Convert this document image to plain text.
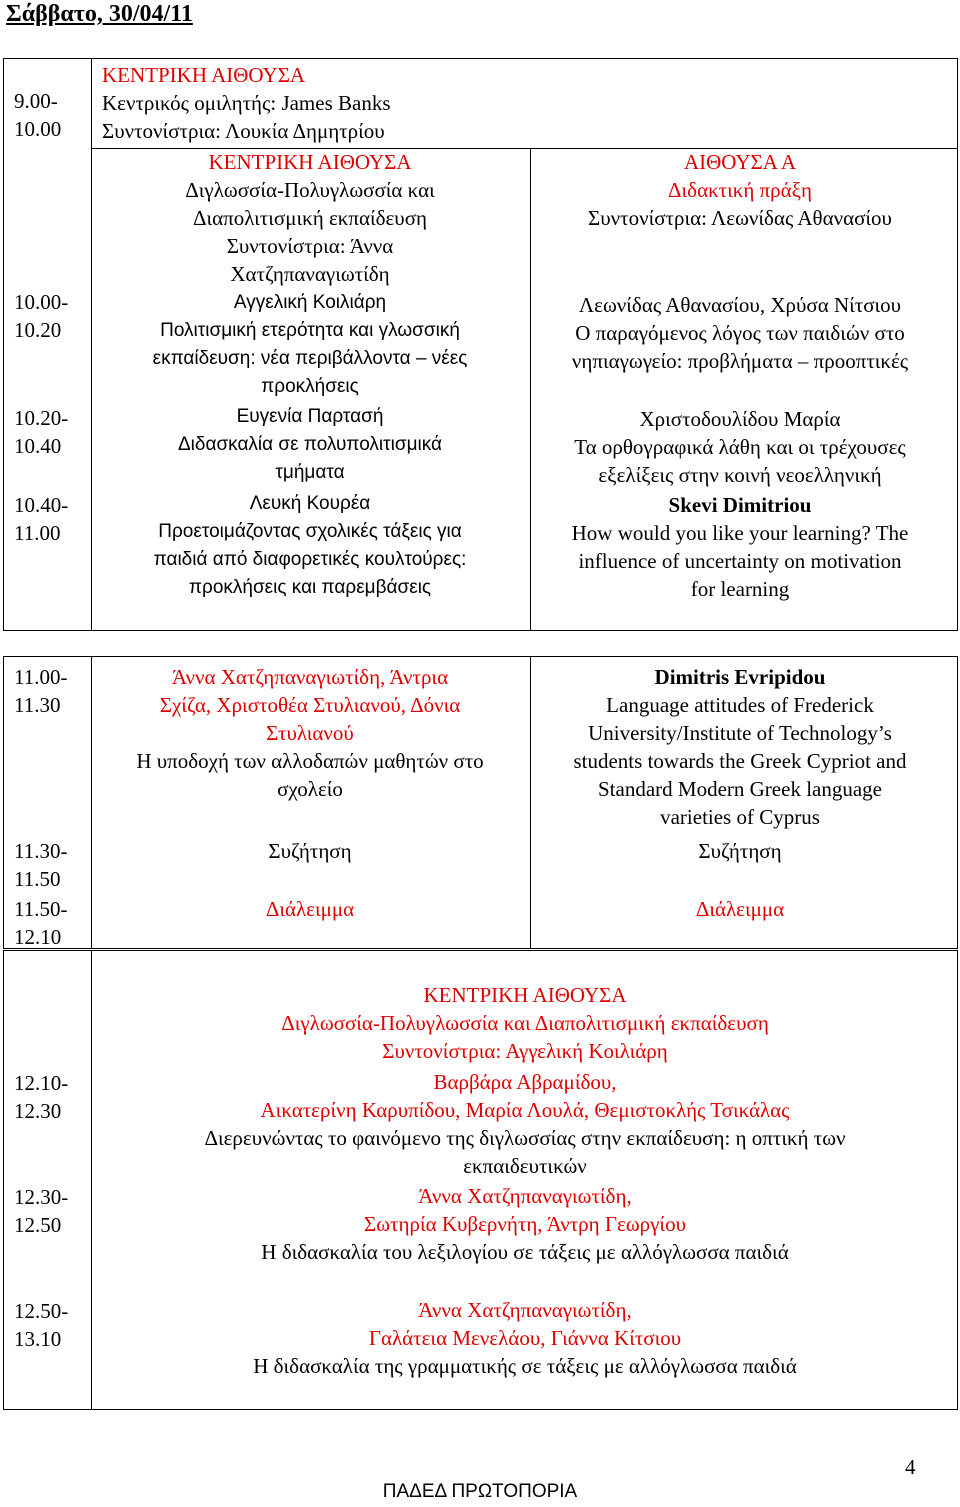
Σάββατο, 30/04/11
9.00-
10.00
10.00-
10.20
10.20-
10.40
10.40-
11.00
ΚΕΝΤΡΙΚΗ ΑΙΘΟΥΣΑ
Κεντρικός ομιλητής: James Banks
Συντονίστρια: Λουκία Δημητρίου
ΚΕΝΤΡΙΚΗ ΑΙΘΟΥΣΑ
Διγλωσσία-Πολυγλωσσία και
Διαπολιτισμική εκπαίδευση
Συντονίστρια: Άννα
Χατζηπαναγιωτίδη
Αγγελική Κοιλιάρη
Πολιτισμική ετερότητα και γλωσσική
εκπαίδευση: νέα περιβάλλοντα – νέες
προκλήσεις
Ευγενία Παρτασή
Διδασκαλία σε πολυπολιτισμικά
τμήματα
Λευκή Κουρέα
Προετοιμάζοντας σχολικές τάξεις για
παιδιά από διαφορετικές κουλτούρες:
προκλήσεις και παρεμβάσεις
ΑΙΘΟΥΣΑ Α
Διδακτική πράξη
Συντονίστρια: Λεωνίδας Αθανασίου
Λεωνίδας Αθανασίου, Χρύσα Νίτσιου
Ο παραγόμενος λόγος των παιδιών στο
νηπιαγωγείο: προβλήματα – προοπτικές
Χριστοδουλίδου Μαρία
Τα ορθογραφικά λάθη και οι τρέχουσες
εξελίξεις στην κοινή νεοελληνική
Skevi Dimitriou
How would you like your learning? The
influence of uncertainty on motivation
for learning
11.00-
11.30
11.30-
11.50
11.50-
12.10
Άννα Χατζηπαναγιωτίδη, Άντρια
Σχίζα, Χριστοθέα Στυλιανού, Δόνια
Στυλιανού
Η υποδοχή των αλλοδαπών μαθητών στο
σχολείο
Dimitris Evripidou
Language attitudes of Frederick
University/Institute of Technology’s
students towards the Greek Cypriot and
Standard Modern Greek language
varieties of Cyprus
Συζήτηση	Συζήτηση
Διάλειμμα	Διάλειμμα
12.10-
12.30
12.30-
12.50
12.50-
13.10
ΚΕΝΤΡΙΚΗ ΑΙΘΟΥΣΑ
Διγλωσσία-Πολυγλωσσία και Διαπολιτισμική εκπαίδευση
Συντονίστρια: Αγγελική Κοιλιάρη
Βαρβάρα Αβραμίδου,
Αικατερίνη Καρυπίδου, Μαρία Λουλά, Θεμιστοκλής Τσικάλας
Διερευνώντας το φαινόμενο της διγλωσσίας στην εκπαίδευση: η οπτική των
εκπαιδευτικών
Άννα Χατζηπαναγιωτίδη,
Σωτηρία Κυβερνήτη, Άντρη Γεωργίου
Η διδασκαλία του λεξιλογίου σε τάξεις με αλλόγλωσσα παιδιά
Άννα Χατζηπαναγιωτίδη,
Γαλάτεια Μενελάου, Γιάννα Κίτσιου
Η διδασκαλία της γραμματικής σε τάξεις με αλλόγλωσσα παιδιά
4
ΠΑΔΕΔ ΠΡΩΤΟΠΟΡΙΑ
